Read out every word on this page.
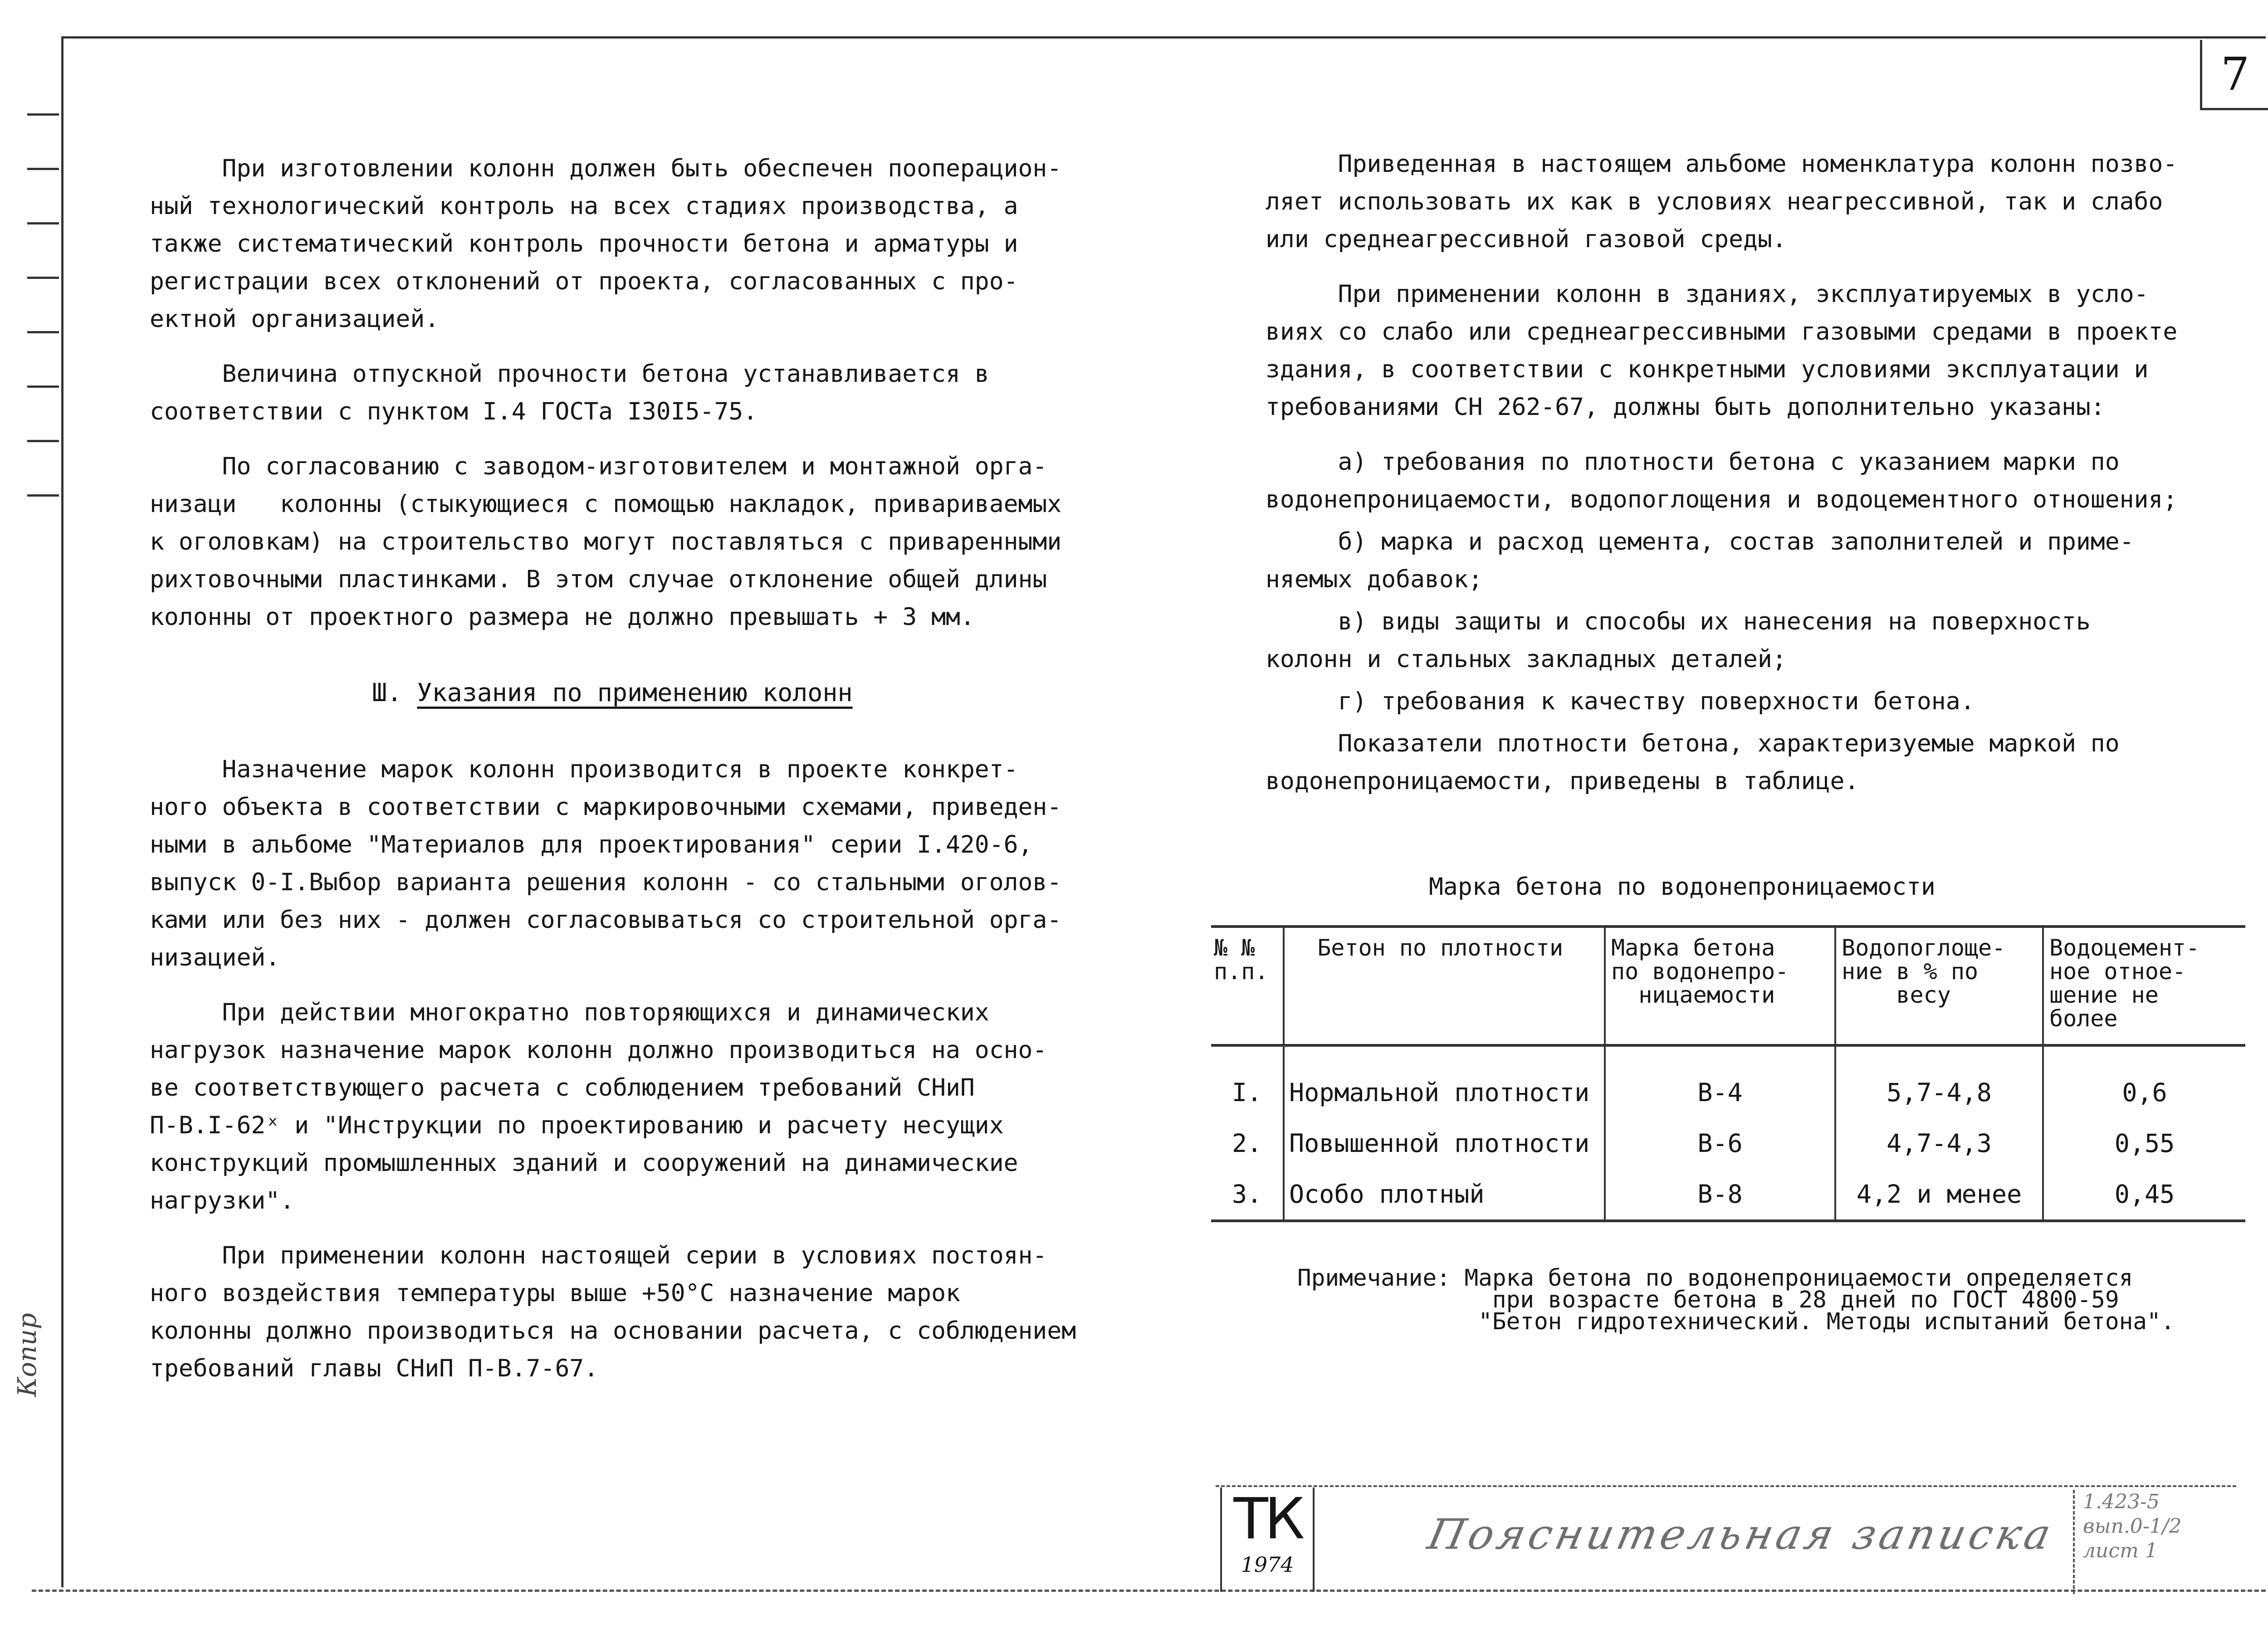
7

При изготовлении колонн должен быть обеспечен пооперацион-
ный технологический контроль на всех стадиях производства, а
также систематический контроль прочности бетона и арматуры и
регистрации всех отклонений от проекта, согласованных с про-
ектной организацией.

Величина отпускной прочности бетона устанавливается в
соответствии с пунктом I.4 ГОСТа I30I5-75.

По согласованию с заводом-изготовителем и монтажной орга-
низаци   колонны (стыкующиеся с помощью накладок, привариваемых
к оголовкам) на строительство могут поставляться с приваренными
рихтовочными пластинками. В этом случае отклонение общей длины
колонны от проектного размера не должно превышать + 3 мм.

Ш. Указания по применению колонн

Назначение марок колонн производится в проекте конкрет-
ного объекта в соответствии с маркировочными схемами, приведен-
ными в альбоме "Материалов для проектирования" серии I.420-6,
выпуск 0-I.Выбор варианта решения колонн - со стальными оголов-
ками или без них - должен согласовываться со строительной орга-
низацией.

При действии многократно повторяющихся и динамических
нагрузок назначение марок колонн должно производиться на осно-
ве соответствующего расчета с соблюдением требований СНиП
П-В.I-62ˣ и "Инструкции по проектированию и расчету несущих
конструкций промышленных зданий и сооружений на динамические
нагрузки".

При применении колонн настоящей серии в условиях постоян-
ного воздействия температуры выше +50°С назначение марок
колонны должно производиться на основании расчета, с соблюдением
требований главы СНиП П-В.7-67.

Приведенная в настоящем альбоме номенклатура колонн позво-
ляет использовать их как в условиях неагрессивной, так и слабо
или среднеагрессивной газовой среды.

При применении колонн в зданиях, эксплуатируемых в усло-
виях со слабо или среднеагрессивными газовыми средами в проекте
здания, в соответствии с конкретными условиями эксплуатации и
требованиями СН 262-67, должны быть дополнительно указаны:

а) требования по плотности бетона с указанием марки по
водонепроницаемости, водопоглощения и водоцементного отношения;

б) марка и расход цемента, состав заполнителей и приме-
няемых добавок;

в) виды защиты и способы их нанесения на поверхность
колонн и стальных закладных деталей;

г) требования к качеству поверхности бетона.

Показатели плотности бетона, характеризуемые маркой по
водонепроницаемости, приведены в таблице.

Марка бетона по водонепроницаемости
№ №
п.п.	Бетон по плотности	Марка бетона
по водонепро-
ницаемости	Водопоглоще-
ние в % по
весу	Водоцемент-
ное отное-
шение не
более
I.	Нормальной плотности	В-4	5,7-4,8	0,6
2.	Повышенной плотности	В-6	4,7-4,3	0,55
3.	Особо плотный	В-8	4,2 и менее	0,45
Примечание: Марка бетона по водонепроницаемости определяется
при возрасте бетона в 28 дней по ГОСТ 4800-59
"Бетон гидротехнический. Методы испытаний бетона".
ТК
1974
Пояснительная записка
1.423-5
вып.0-1/2
лист 1
Копир
